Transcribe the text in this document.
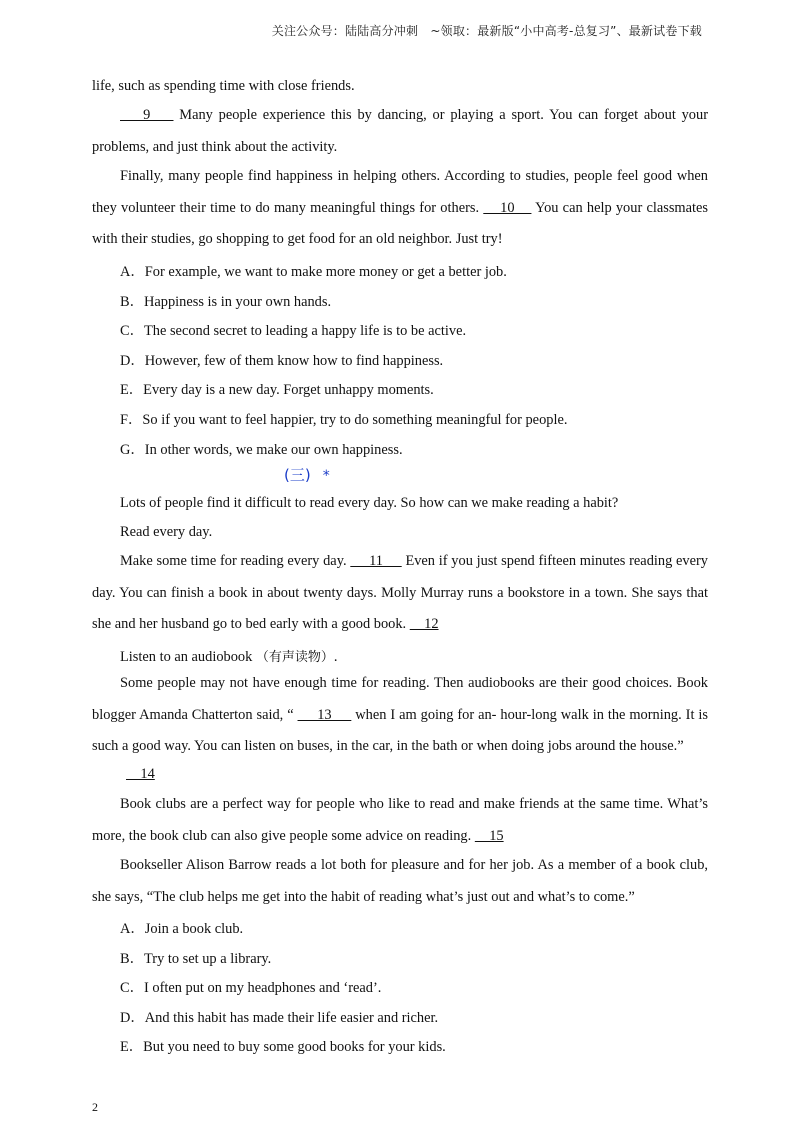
关注公众号：陆陆高分冲刺　~领取：最新版“小中高考-总复习”、最新试卷下载
life, such as spending time with close friends.
9     Many people experience this by dancing, or playing a sport. You can forget about your problems, and just think about the activity.
Finally, many people find happiness in helping others. According to studies, people feel good when they volunteer their time to do many meaningful things for others.     10     You can help your classmates with their studies, go shopping to get food for an old neighbor. Just try!
A．For example, we want to make more money or get a better job.
B．Happiness is in your own hands.
C．The second secret to leading a happy life is to be active.
D．However, few of them know how to find happiness.
E．Every day is a new day. Forget unhappy moments.
F．So if you want to feel happier, try to do something meaningful for people.
G．In other words, we make our own happiness.
Lots of people find it difficult to read every day. So how can we make reading a habit?
Read every day.
Make some time for reading every day.      11      Even if you just spend fifteen minutes reading every day. You can finish a book in about twenty days. Molly Murray runs a bookstore in a town. She says that she and her husband go to bed early with a good book.     12
Listen to an audiobook （有声读物）.
Some people may not have enough time for reading. Then audiobooks are their good choices. Book blogger Amanda Chatterton said, “      13      when I am going for an- hour-long walk in the morning. It is such a good way. You can listen on buses, in the car, in the bath or when doing jobs around the house.”
14
Book clubs are a perfect way for people who like to read and make friends at the same time. What’s more, the book club can also give people some advice on reading.     15
Bookseller Alison Barrow reads a lot both for pleasure and for her job. As a member of a book club, she says, “The club helps me get into the habit of reading what’s just out and what’s to come.”
A．Join a book club.
B．Try to set up a library.
C．I often put on my headphones and ‘read’.
D．And this habit has made their life easier and richer.
E．But you need to buy some good books for your kids.
(三) *
2
